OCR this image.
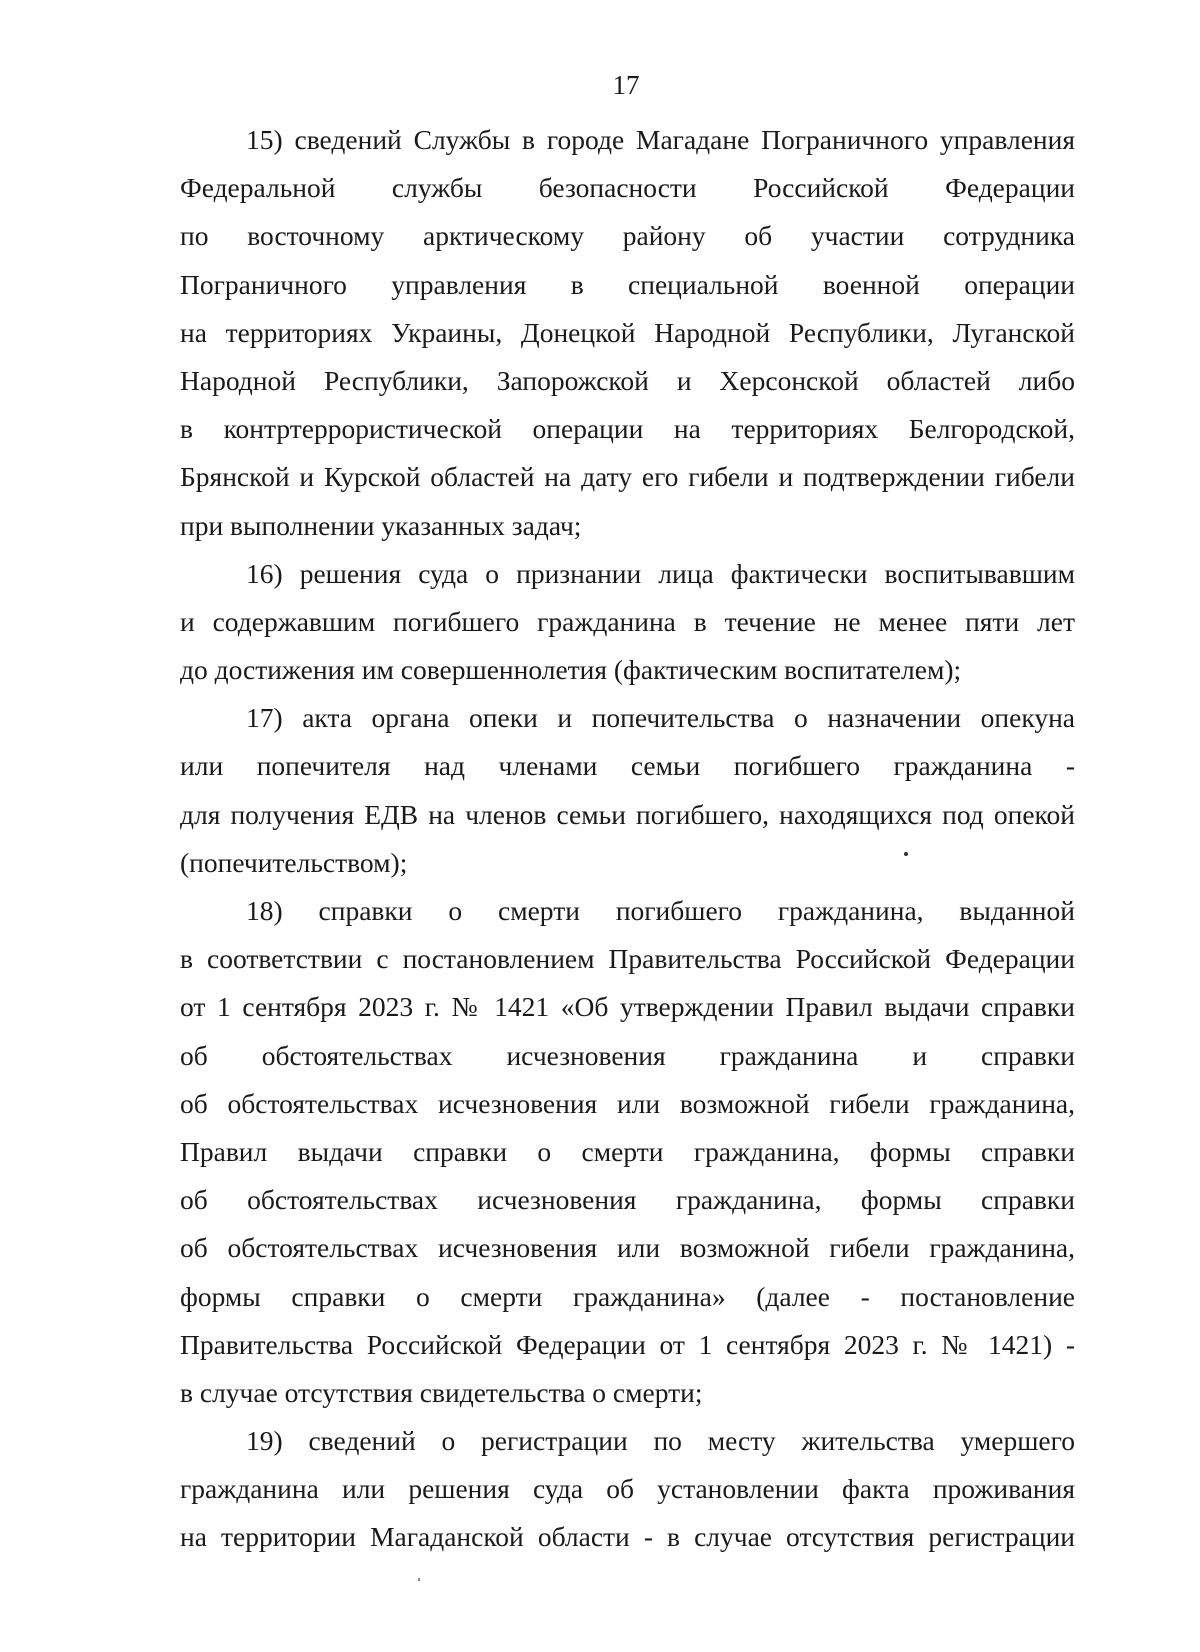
17
15) сведений Службы в городе Магадане Пограничного управления
Федеральной службы безопасности Российской Федерации
по восточному арктическому району об участии сотрудника
Пограничного управления в специальной военной операции
на территориях Украины, Донецкой Народной Республики, Луганской
Народной Республики, Запорожской и Херсонской областей либо
в контртеррористической операции на территориях Белгородской,
Брянской и Курской областей на дату его гибели и подтверждении гибели
при выполнении указанных задач;
16) решения суда о признании лица фактически воспитывавшим
и содержавшим погибшего гражданина в течение не менее пяти лет
до достижения им совершеннолетия (фактическим воспитателем);
17) акта органа опеки и попечительства о назначении опекуна
или попечителя над членами семьи погибшего гражданина -
для получения ЕДВ на членов семьи погибшего, находящихся под опекой
(попечительством);
18) справки о смерти погибшего гражданина, выданной
в соответствии с постановлением Правительства Российской Федерации
от 1 сентября 2023 г. № 1421 «Об утверждении Правил выдачи справки
об обстоятельствах исчезновения гражданина и справки
об обстоятельствах исчезновения или возможной гибели гражданина,
Правил выдачи справки о смерти гражданина, формы справки
об обстоятельствах исчезновения гражданина, формы справки
об обстоятельствах исчезновения или возможной гибели гражданина,
формы справки о смерти гражданина» (далее - постановление
Правительства Российской Федерации от 1 сентября 2023 г. № 1421) -
в случае отсутствия свидетельства о смерти;
19) сведений о регистрации по месту жительства умершего
гражданина или решения суда об установлении факта проживания
на территории Магаданской области - в случае отсутствия регистрации
